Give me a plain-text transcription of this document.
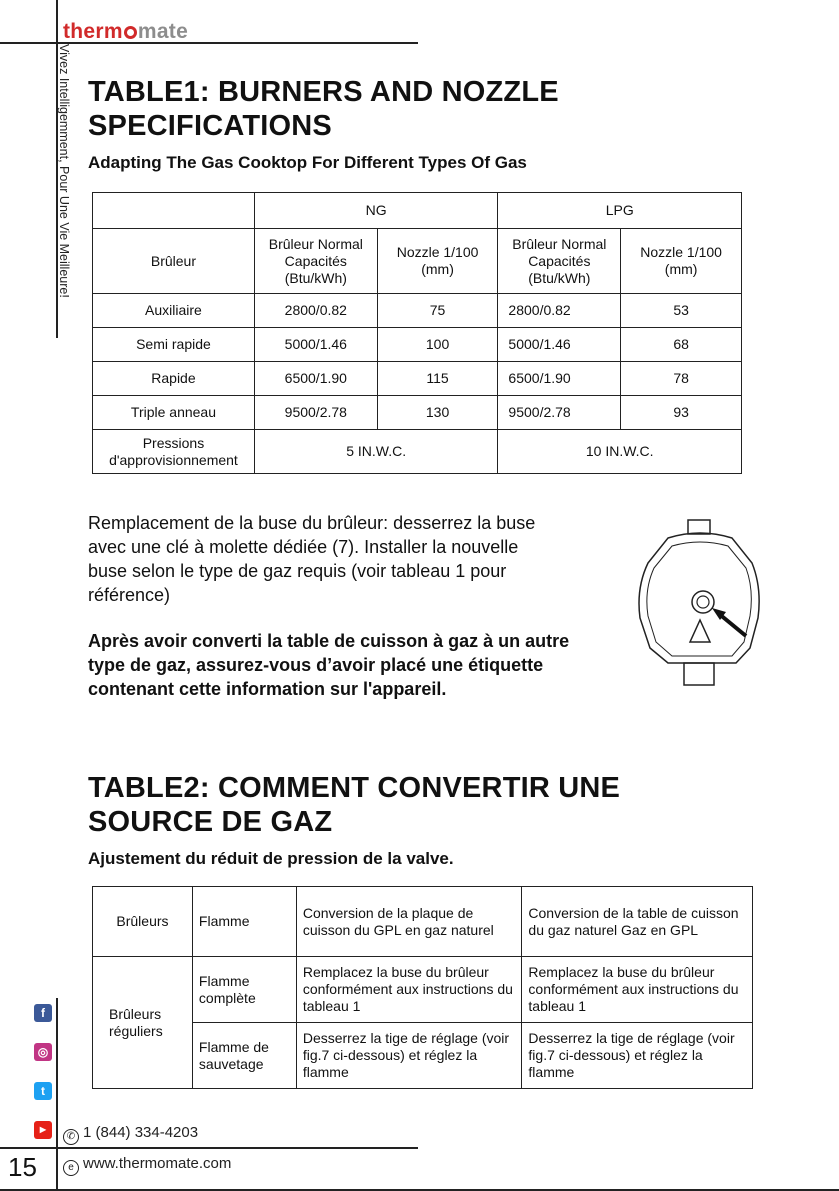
therm mate
Vivez Intelligemment, Pour Une Vie Meilleure! TABLE1: BURNERS AND NOZZLE
SPECIFICATIONS
Adapting The Gas Cooktop For Different Types Of Gas
	NG		LPG	
Brûleur	Brûleur Normal Capacités (Btu/kWh)	Nozzle 1/100 (mm)	Brûleur Normal Capacités (Btu/kWh)	Nozzle 1/100 (mm)
Auxiliaire	2800/0.82	75	2800/0.82	53
Semi rapide	5000/1.46	100	5000/1.46	68
Rapide	6500/1.90	115	6500/1.90	78
Triple anneau	9500/2.78	130	9500/2.78	93
Pressions d'approvisionnement	5 IN.W.C.		10 IN.W.C.	
Remplacement de la buse du brûleur: desserrez la buse avec une clé à molette dédiée (7). Installer la nouvelle buse selon le type de gaz requis (voir tableau 1 pour référence)
Après avoir converti la table de cuisson à gaz à un autre type de gaz, assurez-vous d’avoir placé une étiquette contenant cette information sur l'appareil.
TABLE2: COMMENT CONVERTIR UNE
SOURCE DE GAZ
Ajustement du réduit de pression de la valve.
Brûleurs	Flamme	Conversion de la plaque de cuisson du GPL en gaz naturel	Conversion de la table de cuisson du gaz naturel Gaz en GPL
Brûleurs réguliers	Flamme complète	Remplacez la buse du brûleur conformément aux instructions du tableau 1	Remplacez la buse du brûleur conformément aux instructions du tableau 1
	Flamme de sauvetage	Desserrez la tige de réglage (voir fig.7 ci-dessous) et réglez la flamme	Desserrez la tige de réglage (voir fig.7 ci-dessous) et réglez la flamme
f
◎
t
▶
✆ 1 (844) 334-4203
e www.thermomate.com
15
